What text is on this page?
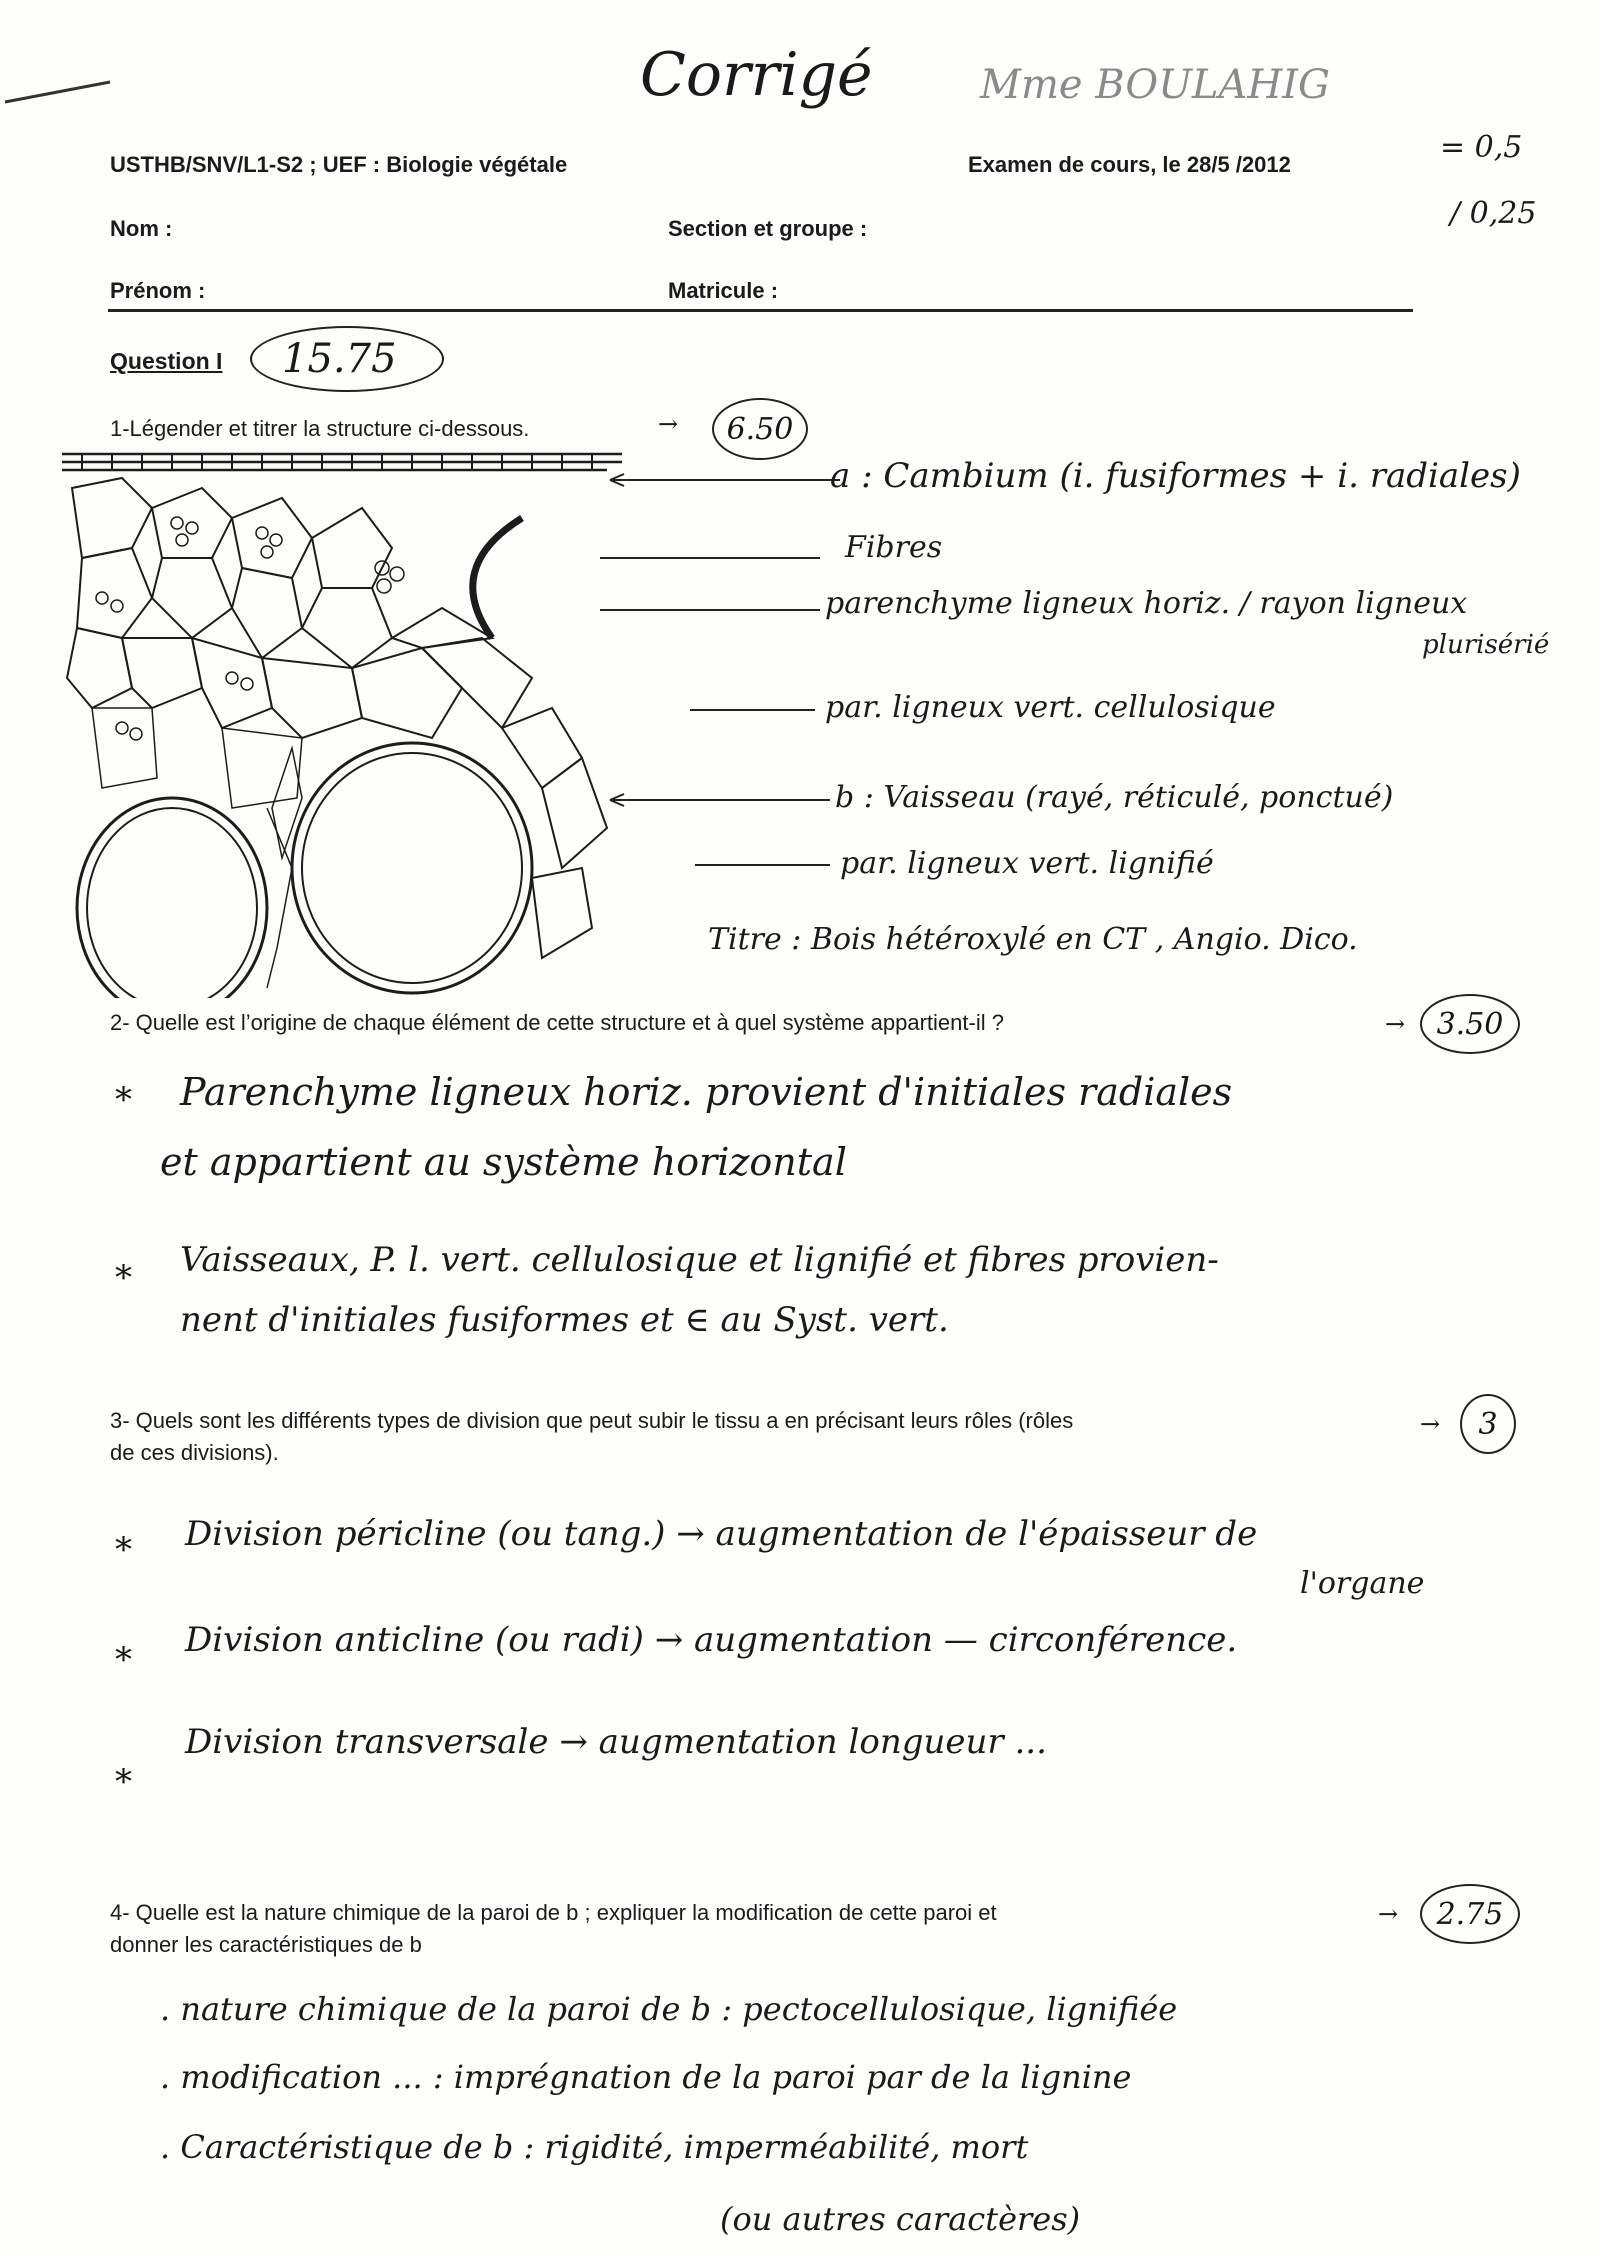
Corrigé	Mme BOULAHIG
USTHB/SNV/L1-S2 ; UEF : Biologie végétale	Examen de cours, le 28/5 /2012	= 0,5
/ 0,25
Nom :	Section et groupe :
Prénom :	Matricule :
Question I 15.75
1-Légender et titrer la structure ci-dessous.	→ 6.50
a : Cambium (i. fusiformes + i. radiales)
Fibres
parenchyme ligneux horiz. / rayon ligneux
plurisérié
par. ligneux vert. cellulosique
b : Vaisseau (rayé, réticulé, ponctué)
par. ligneux vert. lignifié
Titre : Bois hétéroxylé en CT , Angio. Dico.
2- Quelle est l’origine de chaque élément de cette structure et à quel système appartient-il ?	→ 3.50
* Parenchyme ligneux horiz. provient d'initiales radiales
et appartient au système horizontal
* Vaisseaux, P. l. vert. cellulosique et lignifié et fibres provien-
nent d'initiales fusiformes et ∈ au Syst. vert.
3- Quels sont les différents types de division que peut subir le tissu a en précisant leurs rôles (rôles
de ces divisions).
→ 3
* Division péricline (ou tang.) → augmentation de l'épaisseur de
l'organe
* Division anticline (ou radi) → augmentation — circonférence.
*
Division transversale → augmentation longueur ...
4- Quelle est la nature chimique de la paroi de b ; expliquer la modification de cette paroi et
donner les caractéristiques de b
→ 2.75
. nature chimique de la paroi de b : pectocellulosique, lignifiée
. modification ... : imprégnation de la paroi par de la lignine
. Caractéristique de b : rigidité, imperméabilité, mort
(ou autres caractères)
